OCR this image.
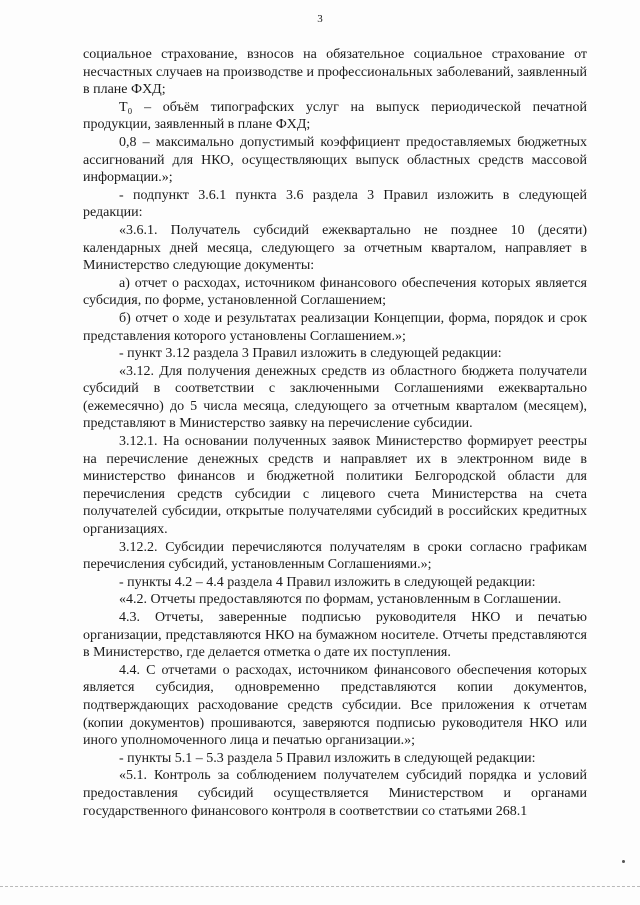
3

социальное страхование, взносов на обязательное социальное страхование от несчастных случаев на производстве и профессиональных заболеваний, заявленный в плане ФХД;

Т₀ – объём типографских услуг на выпуск периодической печатной продукции, заявленный в плане ФХД;

0,8 – максимально допустимый коэффициент предоставляемых бюджетных ассигнований для НКО, осуществляющих выпуск областных средств массовой информации.»;

- подпункт 3.6.1 пункта 3.6 раздела 3 Правил изложить в следующей редакции:

«3.6.1. Получатель субсидий ежеквартально не позднее 10 (десяти) календарных дней месяца, следующего за отчетным кварталом, направляет в Министерство следующие документы:

а) отчет о расходах, источником финансового обеспечения которых является субсидия, по форме, установленной Соглашением;

б) отчет о ходе и результатах реализации Концепции, форма, порядок и срок представления которого установлены Соглашением.»;

- пункт 3.12 раздела 3 Правил изложить в следующей редакции:

«3.12. Для получения денежных средств из областного бюджета получатели субсидий в соответствии с заключенными Соглашениями ежеквартально (ежемесячно) до 5 числа месяца, следующего за отчетным кварталом (месяцем), представляют в Министерство заявку на перечисление субсидии.

3.12.1. На основании полученных заявок Министерство формирует реестры на перечисление денежных средств и направляет их в электронном виде в министерство финансов и бюджетной политики Белгородской области для перечисления средств субсидии с лицевого счета Министерства на счета получателей субсидии, открытые получателями субсидий в российских кредитных организациях.

3.12.2. Субсидии перечисляются получателям в сроки согласно графикам перечисления субсидий, установленным Соглашениями.»;

- пункты 4.2 – 4.4 раздела 4 Правил изложить в следующей редакции:

«4.2. Отчеты предоставляются по формам, установленным в Соглашении.

4.3. Отчеты, заверенные подписью руководителя НКО и печатью организации, представляются НКО на бумажном носителе. Отчеты представляются в Министерство, где делается отметка о дате их поступления.

4.4. С отчетами о расходах, источником финансового обеспечения которых является субсидия, одновременно представляются копии документов, подтверждающих расходование средств субсидии. Все приложения к отчетам (копии документов) прошиваются, заверяются подписью руководителя НКО или иного уполномоченного лица и печатью организации.»;

- пункты 5.1 – 5.3 раздела 5 Правил изложить в следующей редакции:

«5.1. Контроль за соблюдением получателем субсидий порядка и условий предоставления субсидий осуществляется Министерством и органами государственного финансового контроля в соответствии со статьями 268.1
